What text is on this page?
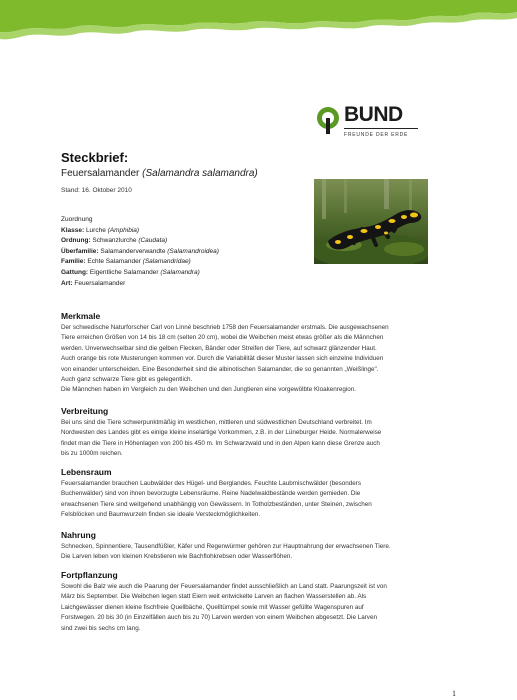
BUND
FREUNDE DER ERDE
Steckbrief:
Feuersalamander (Salamandra salamandra)
Stand: 16. Oktober 2010
Zuordnung
Klasse: Lurche (Amphibia)
Ordnung: Schwanzlurche (Caudata)
Überfamilie: Salamanderverwandte (Salamandroidea)
Familie: Echte Salamander (Salamandridae)
Gattung: Eigentliche Salamander (Salamandra)
Art: Feuersalamander
Merkmale
Der schwedische Naturforscher Carl von Linné beschrieb 1758 den Feuersalamander erstmals. Die ausgewachsenen
Tiere erreichen Größen von 14 bis 18 cm (selten 20 cm), wobei die Weibchen meist etwas größer als die Männchen
werden. Unverwechselbar sind die gelben Flecken, Bänder oder Streifen der Tiere, auf schwarz glänzender Haut.
Auch orange bis rote Musterungen kommen vor. Durch die Variabilität dieser Muster lassen sich einzelne Individuen
von einander unterscheiden. Eine Besonderheit sind die albinotischen Salamander, die so genannten „Weißlinge".
Auch ganz schwarze Tiere gibt es gelegentlich.
Die Männchen haben im Vergleich zu den Weibchen und den Jungtieren eine vorgewölbte Kloakenregion.
Verbreitung
Bei uns sind die Tiere schwerpunktmäßig im westlichen, mittleren und südwestlichen Deutschland verbreitet. Im
Nordwesten des Landes gibt es einige kleine inselartige Vorkommen, z.B. in der Lüneburger Heide. Normalerweise
findet man die Tiere in Höhenlagen von 200 bis 450 m. Im Schwarzwald und in den Alpen kann diese Grenze auch
bis zu 1000m reichen.
Lebensraum
Feuersalamander brauchen Laubwälder des Hügel- und Berglandes. Feuchte Laubmischwälder (besonders
Buchenwälder) sind von ihnen bevorzugte Lebensräume. Reine Nadelwaldbestände werden gemieden. Die
erwachsenen Tiere sind weitgehend unabhängig von Gewässern. In Totholzbeständen, unter Steinen, zwischen
Felsblöcken und Baumwurzeln finden sie ideale Versteckmöglichkeiten.
Nahrung
Schnecken, Spinnentiere, Tausendfüßler, Käfer und Regenwürmer gehören zur Hauptnahrung der erwachsenen Tiere.
Die Larven leben von kleinen Krebstieren wie Bachflohkrebsen oder Wasserflöhen.
Fortpflanzung
Sowohl die Balz wie auch die Paarung der Feuersalamander findet ausschließlich an Land statt. Paarungszeit ist von
März bis September. Die Weibchen legen statt Eiern weit entwickelte Larven an flachen Wasserstellen ab. Als
Laichgewässer dienen kleine fischfreie Quellbäche, Quelltümpel sowie mit Wasser gefüllte Wagenspuren auf
Forstwegen. 20 bis 30 (in Einzelfällen auch bis zu 70) Larven werden von einem Weibchen abgesetzt. Die Larven
sind zwei bis sechs cm lang.
1
